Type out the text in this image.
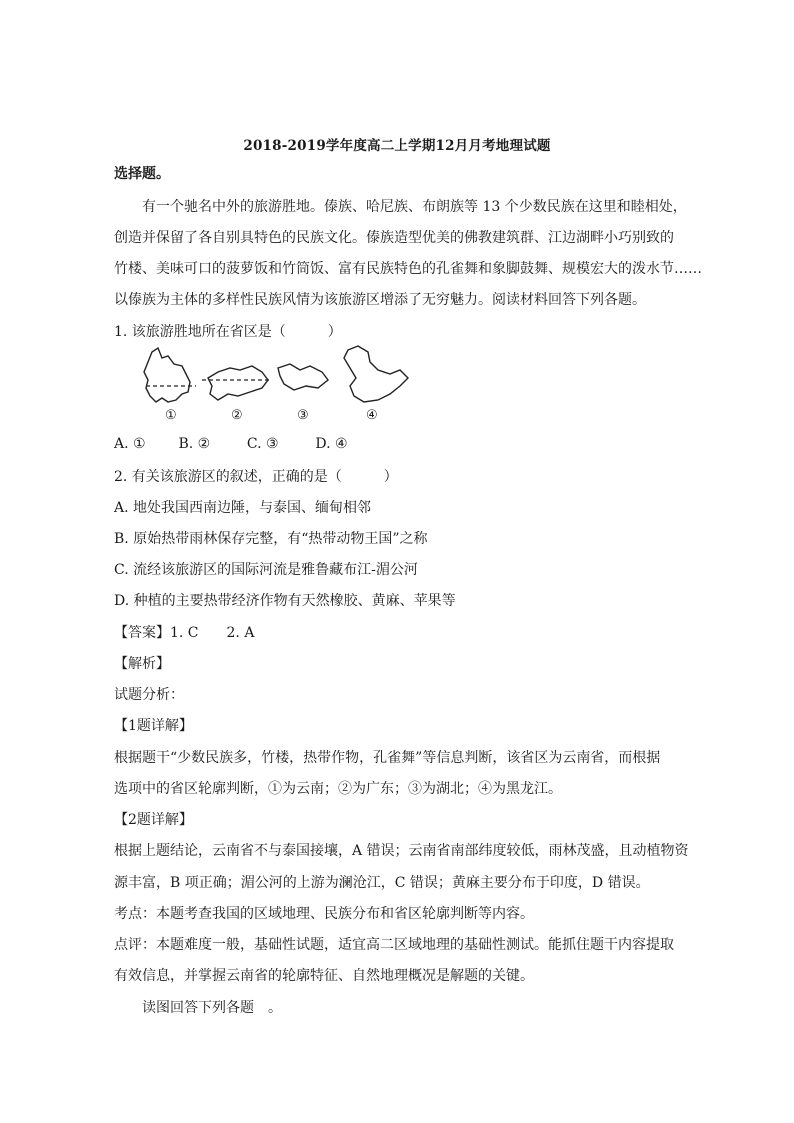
2018-2019学年度高二上学期12月月考地理试题
选择题。
有一个驰名中外的旅游胜地。傣族、哈尼族、布朗族等 13 个少数民族在这里和睦相处，
创造并保留了各自别具特色的民族文化。傣族造型优美的佛教建筑群、江边湖畔小巧别致的
竹楼、美味可口的菠萝饭和竹筒饭、富有民族特色的孔雀舞和象脚鼓舞、规模宏大的泼水节……
以傣族为主体的多样性民族风情为该旅游区增添了无穷魅力。阅读材料回答下列各题。
1. 该旅游胜地所在省区是（　　　）
①	②	③	④
A. ① B. ②	C. ③	D. ④
2. 有关该旅游区的叙述，正确的是（　　　）
A. 地处我国西南边陲，与泰国、缅甸相邻
B. 原始热带雨林保存完整，有“热带动物王国”之称
C. 流经该旅游区的国际河流是雅鲁藏布江-湄公河
D. 种植的主要热带经济作物有天然橡胶、黄麻、苹果等
【答案】1. C　　2. A
【解析】
试题分析：
【1题详解】
根据题干“少数民族多，竹楼，热带作物，孔雀舞”等信息判断，该省区为云南省，而根据
选项中的省区轮廓判断，①为云南；②为广东；③为湖北；④为黑龙江。
【2题详解】
根据上题结论，云南省不与泰国接壤，A 错误；云南省南部纬度较低，雨林茂盛，且动植物资
源丰富，B 项正确；湄公河的上游为澜沧江，C 错误；黄麻主要分布于印度，D 错误。
考点：本题考查我国的区域地理、民族分布和省区轮廓判断等内容。
点评：本题难度一般，基础性试题，适宜高二区域地理的基础性测试。能抓住题干内容提取
有效信息，并掌握云南省的轮廓特征、自然地理概况是解题的关键。
读图回答下列各题　。
